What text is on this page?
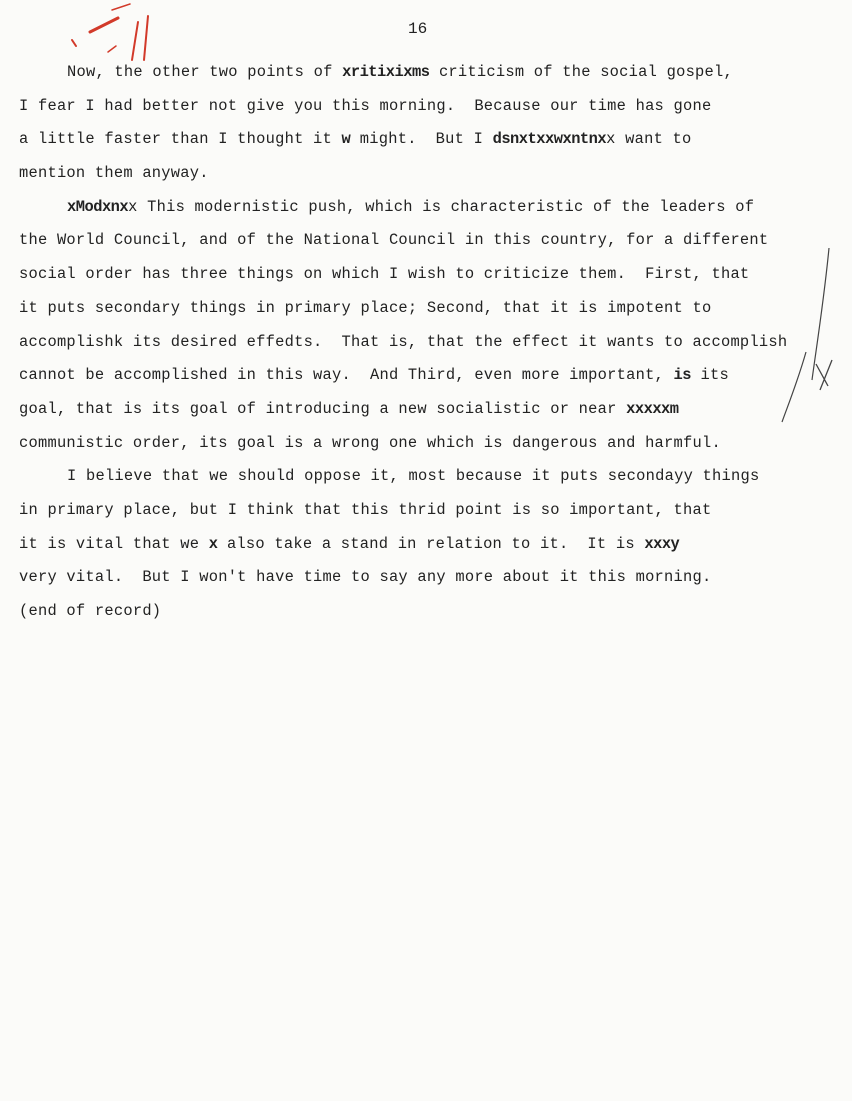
16
Now, the other two points of xritixixms criticism of the social gospel,
I fear I had better not give you this morning.  Because our time has gone
a little faster than I thought it w might.  But I dsnxtxxwxntnxx want to
mention them anyway.
xModxnxx This modernistic push, which is characteristic of the leaders of
the World Council, and of the National Council in this country, for a different
social order has three things on which I wish to criticize them.  First, that
it puts secondary things in primary place; Second, that it is impotent to
accomplishk its desired effedts.  That is, that the effect it wants to accomplish
cannot be accomplished in this way.  And Third, even more important, is its
goal, that is its goal of introducing a new socialistic or near xxxxxm
communistic order, its goal is a wrong one which is dangerous and harmful.
I believe that we should oppose it, most because it puts secondayy things
in primary place, but I think that this thrid point is so important, that
it is vital that we x also take a stand in relation to it.  It is xxxy
very vital.  But I won't have time to say any more about it this morning.
(end of record)
